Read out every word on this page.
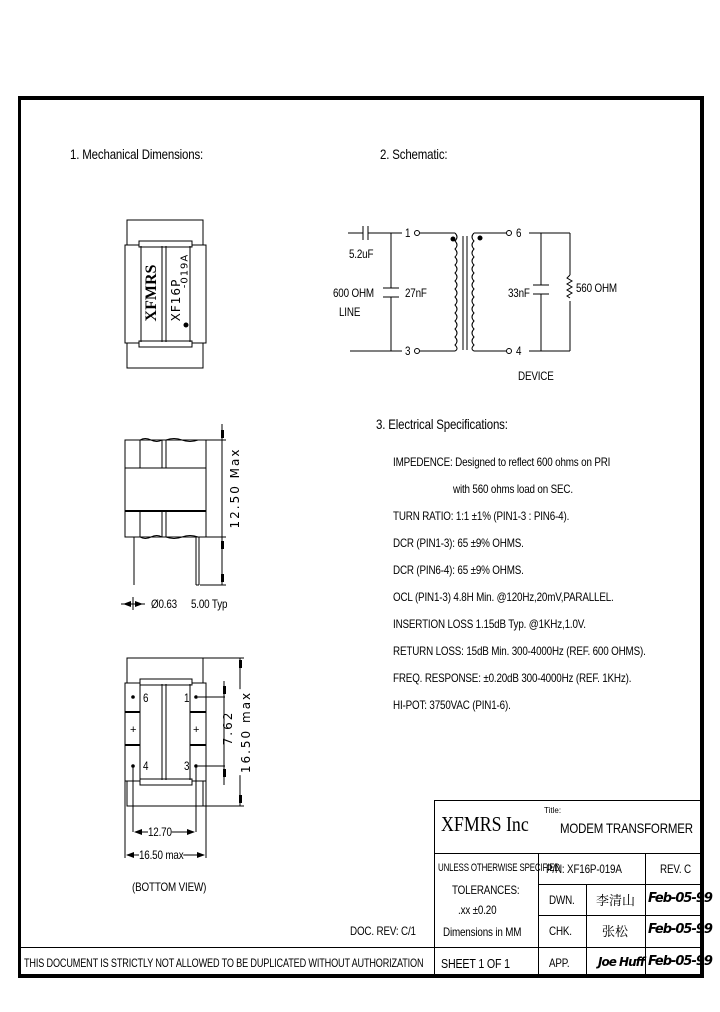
1. Mechanical Dimensions:	2. Schematic:
3. Electrical Specifications:
XFMRS XF16P
-019A
12.50 Max
Ø0.63 5.00 Typ
+	+
6	1
4	3
7.62 16.50 max
12.70
16.50 max
(BOTTOM VIEW)
5.2uF
1
3
600 OHM
LINE
27nF
6
4
33nF	560 OHM
DEVICE
IMPEDENCE: Designed to reflect 600 ohms on PRI
with 560 ohms load on SEC.
TURN RATIO: 1:1 ±1% (PIN1-3 : PIN6-4).
DCR (PIN1-3): 65 ±9% OHMS.
DCR (PIN6-4): 65 ±9% OHMS.
OCL (PIN1-3) 4.8H Min. @120Hz,20mV,PARALLEL.
INSERTION LOSS 1.15dB Typ. @1KHz,1.0V.
RETURN LOSS: 15dB Min. 300-4000Hz (REF. 600 OHMS).
FREQ. RESPONSE: ±0.20dB 300-4000Hz (REF. 1KHz).
HI-POT: 3750VAC (PIN1-6).
XFMRS Inc
Title:
MODEM TRANSFORMER
UNLESS OTHERWISE SPECIFIED
P/N: XF16P-019A	REV. C
TOLERANCES:
.xx ±0.20
Dimensions in MM
DWN. 李清山 Feb-05-99
CHK. 张松 Feb-05-99
SHEET 1 OF 1	APP. Joe Huff Feb-05-99
DOC. REV: C/1
THIS DOCUMENT IS STRICTLY NOT ALLOWED TO BE DUPLICATED WITHOUT AUTHORIZATION
